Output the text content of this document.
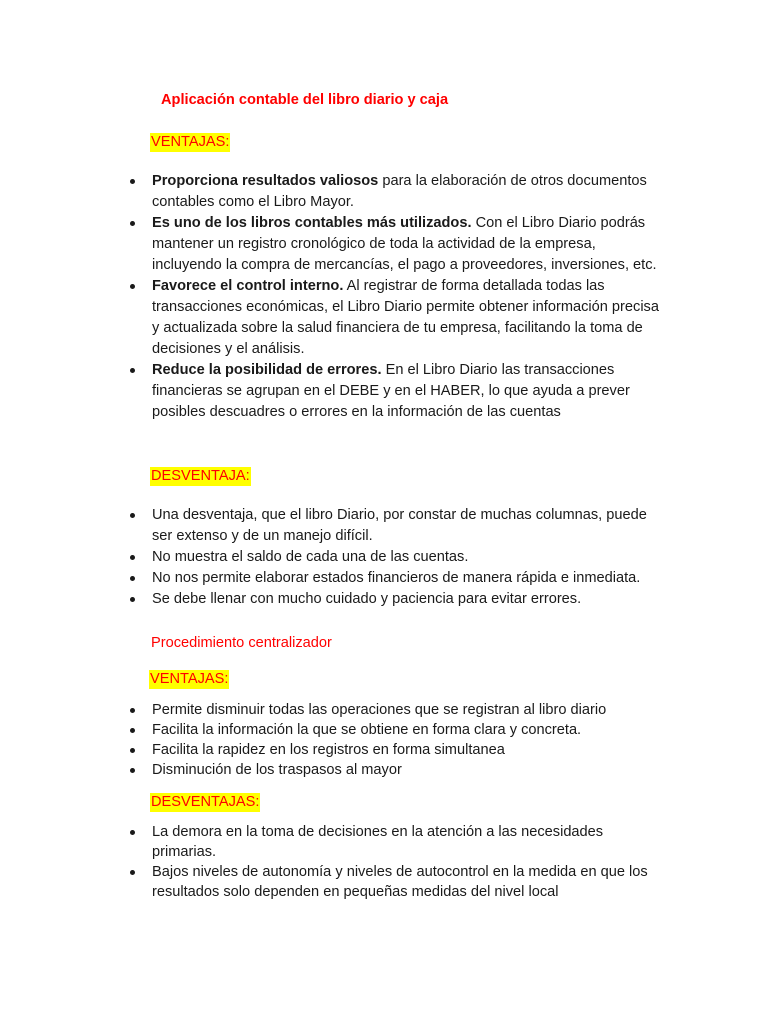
Aplicación contable del libro diario y caja
VENTAJAS:
Proporciona resultados valiosos para la elaboración de otros documentos contables como el Libro Mayor.
Es uno de los libros contables más utilizados. Con el Libro Diario podrás mantener un registro cronológico de toda la actividad de la empresa, incluyendo la compra de mercancías, el pago a proveedores, inversiones, etc.
Favorece el control interno. Al registrar de forma detallada todas las transacciones económicas, el Libro Diario permite obtener información precisa y actualizada sobre la salud financiera de tu empresa, facilitando la toma de decisiones y el análisis.
Reduce la posibilidad de errores. En el Libro Diario las transacciones financieras se agrupan en el DEBE y en el HABER, lo que ayuda a prever posibles descuadres o errores en la información de las cuentas
DESVENTAJA:
Una desventaja, que el libro Diario, por constar de muchas columnas, puede ser extenso y de un manejo difícil.
No muestra el saldo de cada una de las cuentas.
No nos permite elaborar estados financieros de manera rápida e inmediata.
Se debe llenar con mucho cuidado y paciencia para evitar errores.
Procedimiento centralizador
VENTAJAS:
Permite disminuir todas las operaciones que se registran al libro diario
Facilita la información la que se obtiene en forma clara y concreta.
Facilita la rapidez en los registros en forma simultanea
Disminución de los traspasos al mayor
DESVENTAJAS:
La demora en la toma de decisiones en la atención a las necesidades primarias.
Bajos niveles de autonomía y niveles de autocontrol en la medida en que los resultados solo dependen en pequeñas medidas del nivel local
